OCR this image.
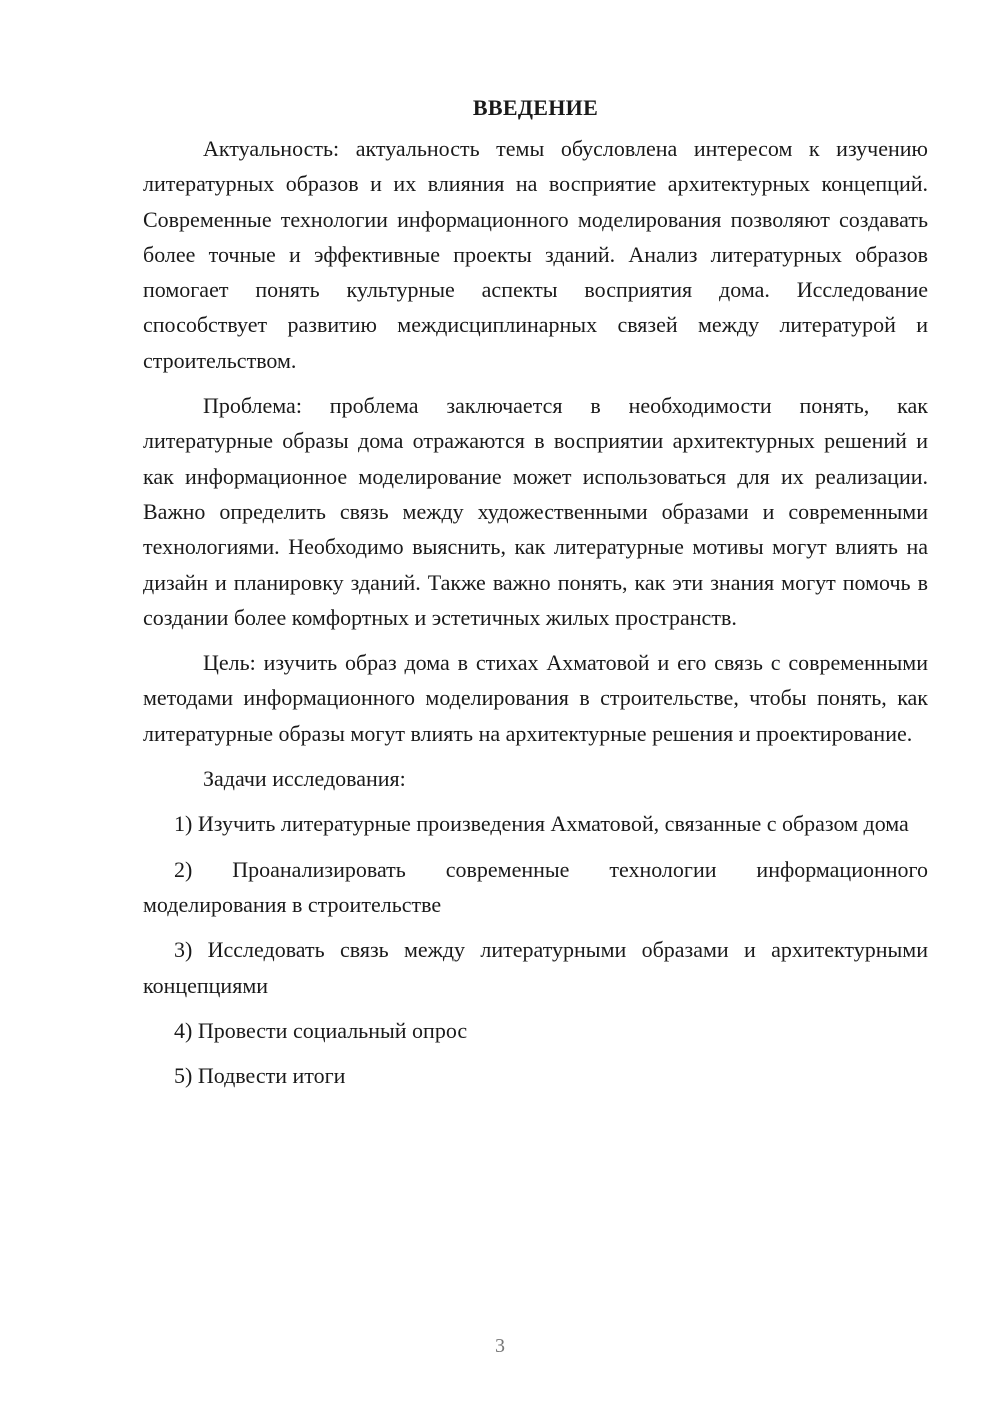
ВВЕДЕНИЕ

Актуальность: актуальность темы обусловлена интересом к изучению литературных образов и их влияния на восприятие архитектурных концепций. Современные технологии информационного моделирования позволяют создавать более точные и эффективные проекты зданий. Анализ литературных образов помогает понять культурные аспекты восприятия дома. Исследование способствует развитию междисциплинарных связей между литературой и строительством.

Проблема: проблема заключается в необходимости понять, как литературные образы дома отражаются в восприятии архитектурных решений и как информационное моделирование может использоваться для их реализации. Важно определить связь между художественными образами и современными технологиями. Необходимо выяснить, как литературные мотивы могут влиять на дизайн и планировку зданий. Также важно понять, как эти знания могут помочь в создании более комфортных и эстетичных жилых пространств.

Цель: изучить образ дома в стихах Ахматовой и его связь с современными методами информационного моделирования в строительстве, чтобы понять, как литературные образы могут влиять на архитектурные решения и проектирование.

Задачи исследования:

1) Изучить литературные произведения Ахматовой, связанные с образом дома

2) Проанализировать современные технологии информационного моделирования в строительстве

3) Исследовать связь между литературными образами и архитектурными концепциями

4) Провести социальный опрос

5) Подвести итоги

3
